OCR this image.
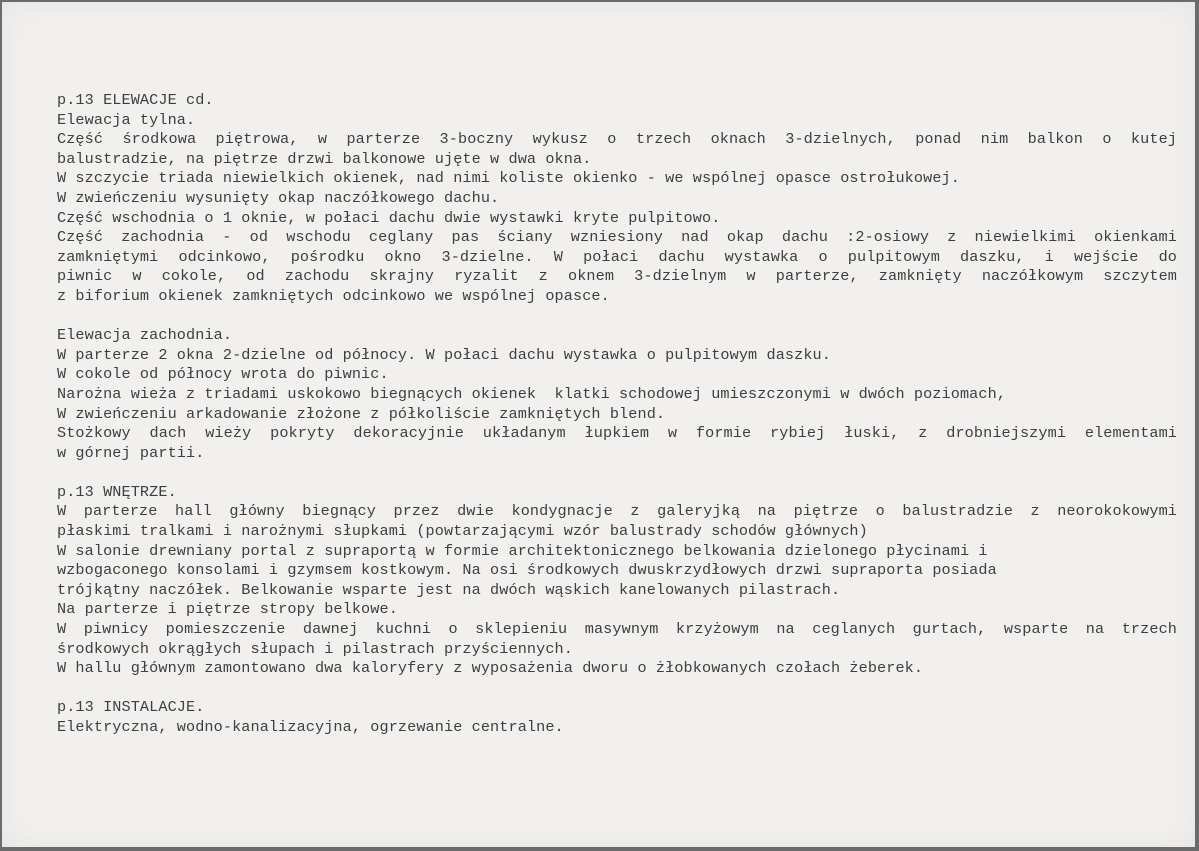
p.13 ELEWACJE cd.
Elewacja tylna.
Część środkowa piętrowa, w parterze 3-boczny wykusz o trzech oknach 3-dzielnych, ponad nim balkon o kutej
balustradzie, na piętrze drzwi balkonowe ujęte w dwa okna.
W szczycie triada niewielkich okienek, nad nimi koliste okienko - we wspólnej opasce ostrołukowej.
W zwieńczeniu wysunięty okap naczółkowego dachu.
Część wschodnia o 1 oknie, w połaci dachu dwie wystawki kryte pulpitowo.
Część zachodnia - od wschodu ceglany pas ściany wzniesiony nad okap dachu :2-osiowy z niewielkimi okienkami
zamkniętymi odcinkowo, pośrodku okno 3-dzielne. W połaci dachu wystawka o pulpitowym daszku, i wejście do
piwnic w cokole, od zachodu skrajny ryzalit z oknem 3-dzielnym w parterze, zamknięty naczółkowym szczytem
z biforium okienek zamkniętych odcinkowo we wspólnej opasce.
Elewacja zachodnia.
W parterze 2 okna 2-dzielne od północy. W połaci dachu wystawka o pulpitowym daszku.
W cokole od północy wrota do piwnic.
Narożna wieża z triadami uskokowo biegnących okienek  klatki schodowej umieszczonymi w dwóch poziomach,
W zwieńczeniu arkadowanie złożone z półkoliście zamkniętych blend.
Stożkowy dach wieży pokryty dekoracyjnie układanym łupkiem w formie rybiej łuski, z drobniejszymi elementami
w górnej partii.
p.13 WNĘTRZE.
W parterze hall główny biegnący przez dwie kondygnacje z galeryjką na piętrze o balustradzie z neorokokowymi
płaskimi tralkami i narożnymi słupkami (powtarzającymi wzór balustrady schodów głównych)
W salonie drewniany portal z supraportą w formie architektonicznego belkowania dzielonego płycinami i
wzbogaconego konsolami i gzymsem kostkowym. Na osi środkowych dwuskrzydłowych drzwi supraporta posiada
trójkątny naczółek. Belkowanie wsparte jest na dwóch wąskich kanelowanych pilastrach.
Na parterze i piętrze stropy belkowe.
W piwnicy pomieszczenie dawnej kuchni o sklepieniu masywnym krzyżowym na ceglanych gurtach, wsparte na trzech
środkowych okrągłych słupach i pilastrach przyściennych.
W hallu głównym zamontowano dwa kaloryfery z wyposażenia dworu o żłobkowanych czołach żeberek.
p.13 INSTALACJE.
Elektryczna, wodno-kanalizacyjna, ogrzewanie centralne.
